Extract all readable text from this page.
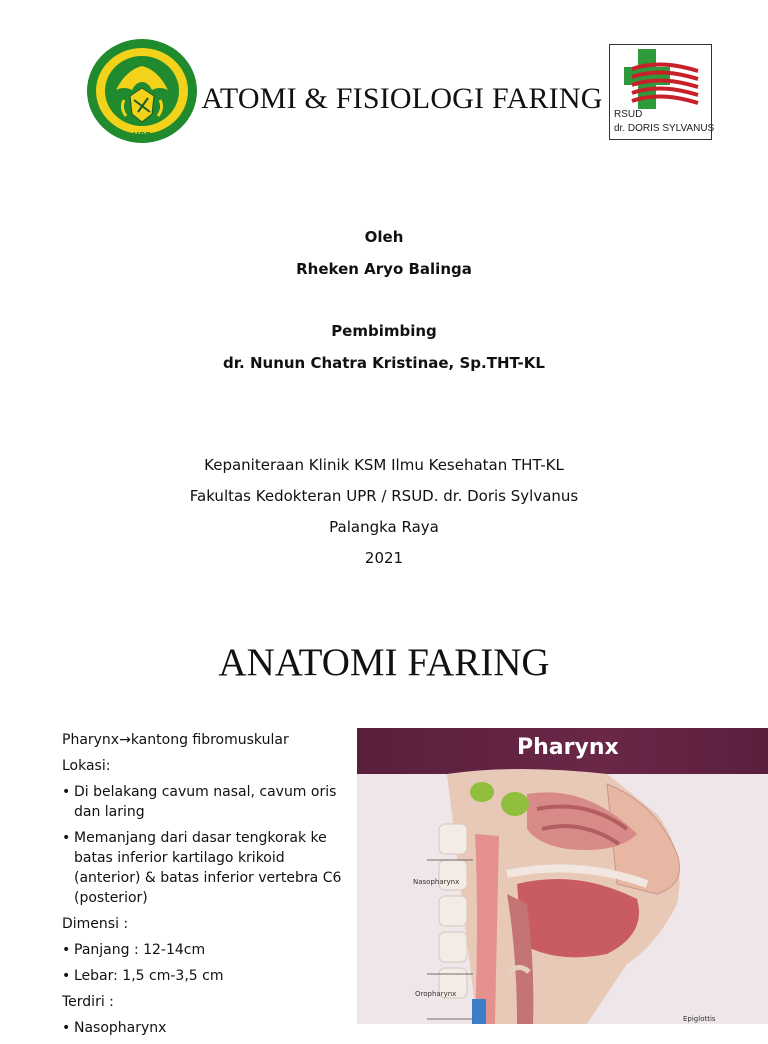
UPR
ATOMI & FISIOLOGI FARING	RSUD
dr. DORIS SYLVANUS
Oleh
Rheken Aryo Balinga
Pembimbing
dr. Nunun Chatra Kristinae, Sp.THT-KL
Kepaniteraan Klinik KSM Ilmu Kesehatan THT-KL
Fakultas Kedokteran UPR / RSUD. dr. Doris Sylvanus
Palangka Raya
2021
ANATOMI FARING
Pharynx→kantong fibromuskular
Lokasi:
• Di belakang cavum nasal, cavum oris dan laring
• Memanjang dari dasar tengkorak ke batas inferior kartilago krikoid (anterior) & batas inferior vertebra C6 (posterior)
Dimensi :
• Panjang : 12-14cm
• Lebar: 1,5 cm-3,5 cm
Terdiri :
• Nasopharynx
Pharynx
Nasopharynx
Oropharynx
Epiglottis
